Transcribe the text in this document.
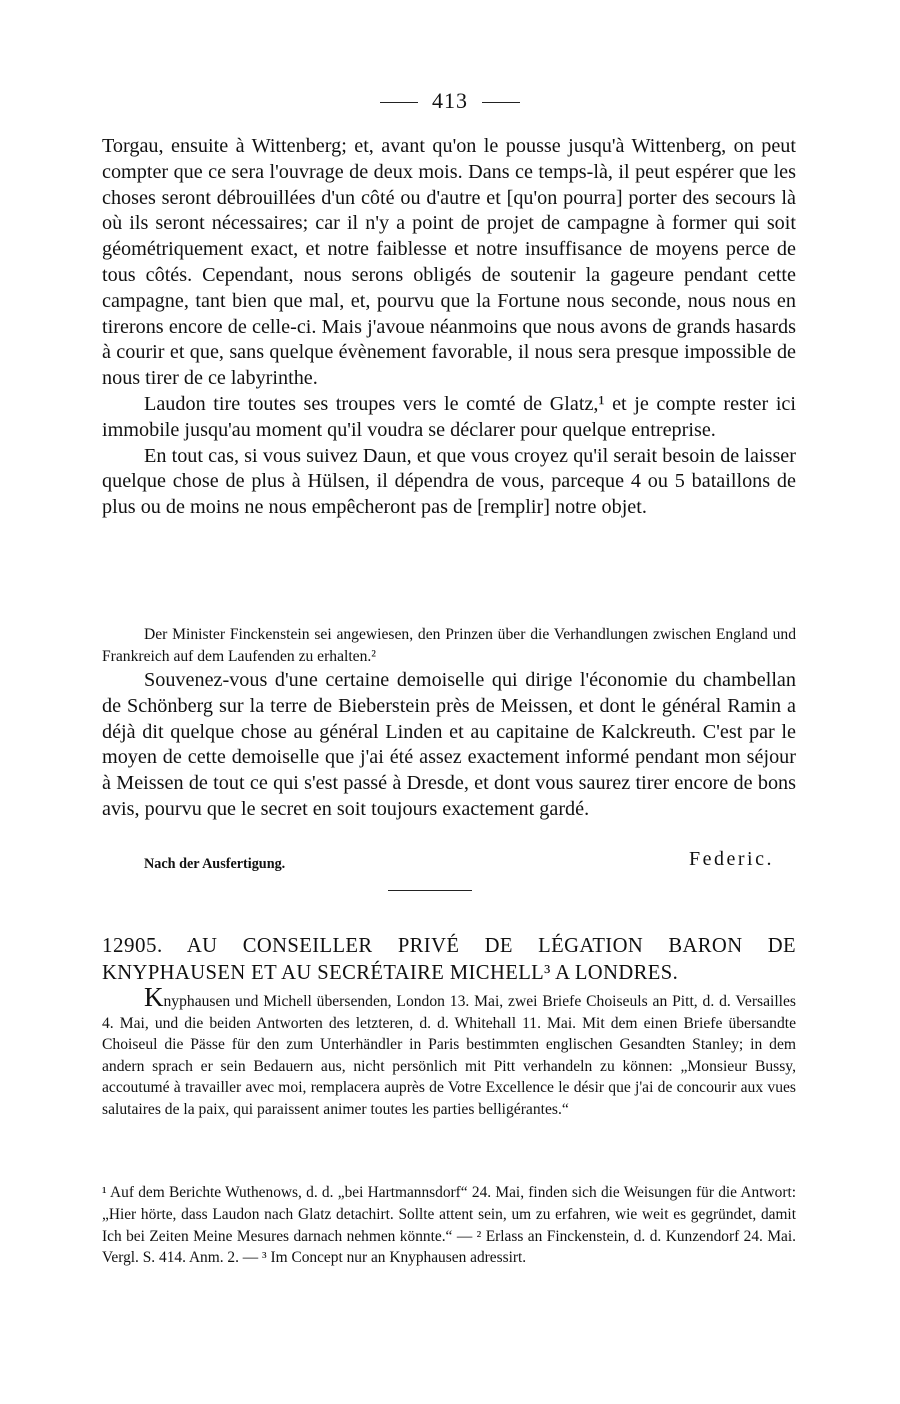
413

Torgau, ensuite à Wittenberg; et, avant qu'on le pousse jusqu'à Wittenberg, on peut compter que ce sera l'ouvrage de deux mois. Dans ce temps-là, il peut espérer que les choses seront débrouillées d'un côté ou d'autre et [qu'on pourra] porter des secours là où ils seront nécessaires; car il n'y a point de projet de campagne à former qui soit géométriquement exact, et notre faiblesse et notre insuffisance de moyens perce de tous côtés. Cependant, nous serons obligés de soutenir la gageure pendant cette campagne, tant bien que mal, et, pourvu que la Fortune nous seconde, nous nous en tirerons encore de celle-ci. Mais j'avoue néanmoins que nous avons de grands hasards à courir et que, sans quelque évènement favorable, il nous sera presque impossible de nous tirer de ce labyrinthe.

Laudon tire toutes ses troupes vers le comté de Glatz,¹ et je compte rester ici immobile jusqu'au moment qu'il voudra se déclarer pour quelque entreprise.

En tout cas, si vous suivez Daun, et que vous croyez qu'il serait besoin de laisser quelque chose de plus à Hülsen, il dépendra de vous, parceque 4 ou 5 bataillons de plus ou de moins ne nous empêcheront pas de [remplir] notre objet.

Der Minister Finckenstein sei angewiesen, den Prinzen über die Verhandlungen zwischen England und Frankreich auf dem Laufenden zu erhalten.²

Souvenez-vous d'une certaine demoiselle qui dirige l'économie du chambellan de Schönberg sur la terre de Bieberstein près de Meissen, et dont le général Ramin a déjà dit quelque chose au général Linden et au capitaine de Kalckreuth. C'est par le moyen de cette demoiselle que j'ai été assez exactement informé pendant mon séjour à Meissen de tout ce qui s'est passé à Dresde, et dont vous saurez tirer encore de bons avis, pourvu que le secret en soit toujours exactement gardé.

Nach der Ausfertigung.	Federic.
12905. AU CONSEILLER PRIVÉ DE LÉGATION BARON DE KNYPHAUSEN ET AU SECRÉTAIRE MICHELL³ A LONDRES.

Knyphausen und Michell übersenden, London 13. Mai, zwei Briefe Choiseuls an Pitt, d. d. Versailles 4. Mai, und die beiden Antworten des letzteren, d. d. Whitehall 11. Mai. Mit dem einen Briefe übersandte Choiseul die Pässe für den zum Unterhändler in Paris bestimmten englischen Gesandten Stanley; in dem andern sprach er sein Bedauern aus, nicht persönlich mit Pitt verhandeln zu können: „Monsieur Bussy, accoutumé à travailler avec moi, remplacera auprès de Votre Excellence le désir que j'ai de concourir aux vues salutaires de la paix, qui paraissent animer toutes les parties belligérantes.“

¹ Auf dem Berichte Wuthenows, d. d. „bei Hartmannsdorf“ 24. Mai, finden sich die Weisungen für die Antwort: „Hier hörte, dass Laudon nach Glatz detachirt. Sollte attent sein, um zu erfahren, wie weit es gegründet, damit Ich bei Zeiten Meine Mesures darnach nehmen könnte.“ — ² Erlass an Finckenstein, d. d. Kunzendorf 24. Mai. Vergl. S. 414. Anm. 2. — ³ Im Concept nur an Knyphausen adressirt.
